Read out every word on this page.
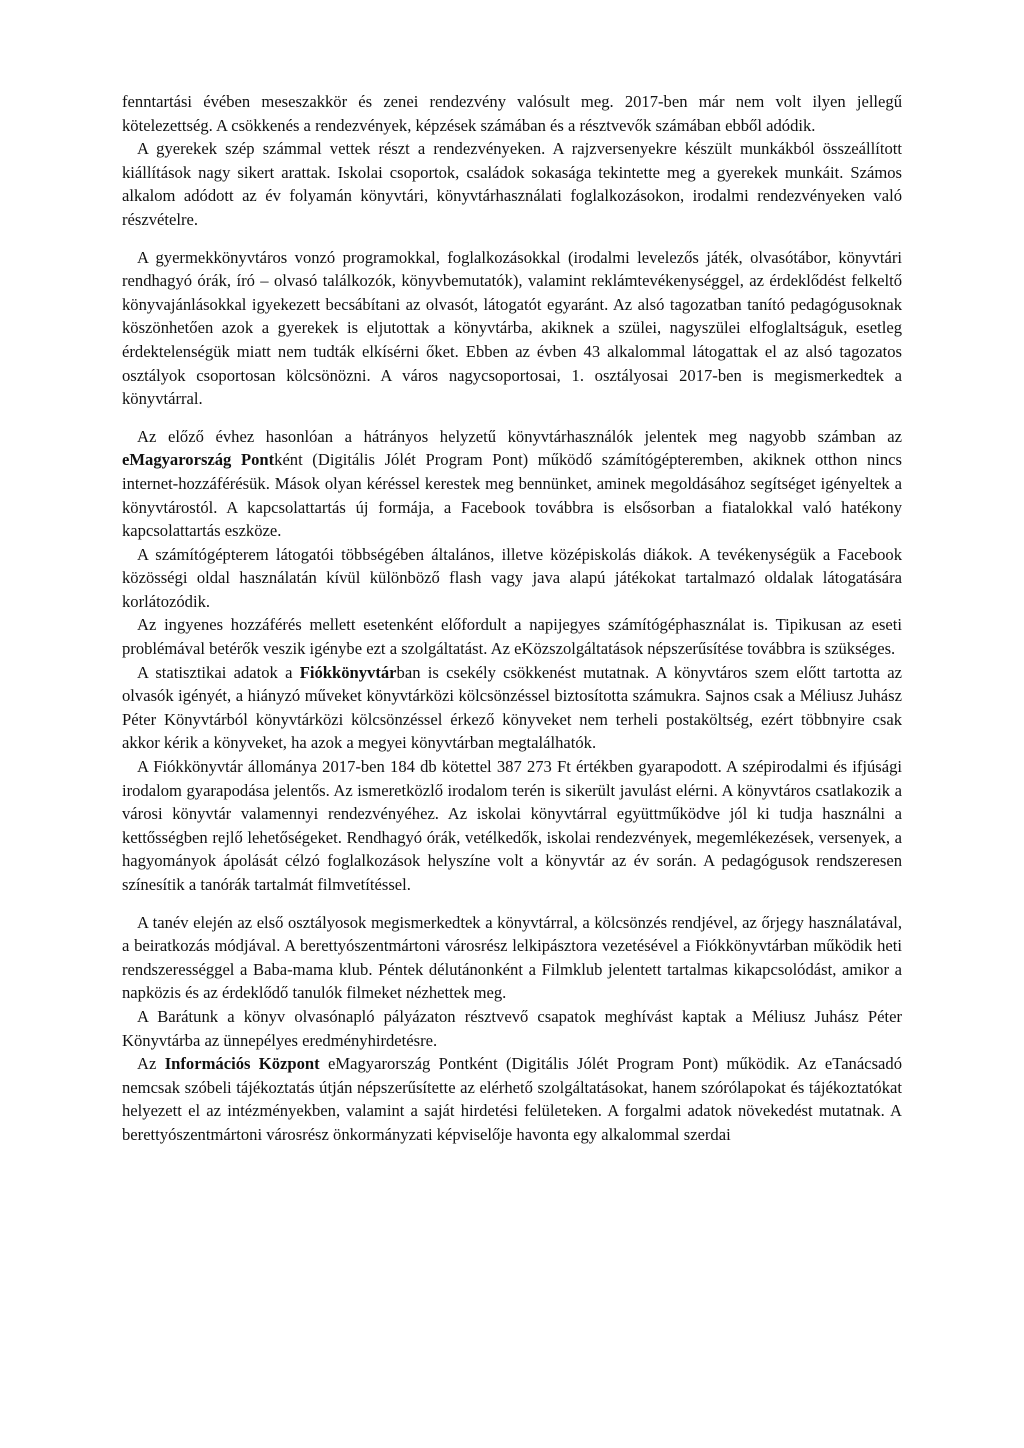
fenntartási évében meseszakkör és zenei rendezvény valósult meg. 2017-ben már nem volt ilyen jellegű kötelezettség. A csökkenés a rendezvények, képzések számában és a résztvevők számában ebből adódik.

A gyerekek szép számmal vettek részt a rendezvényeken. A rajzversenyekre készült munkákból összeállított kiállítások nagy sikert arattak. Iskolai csoportok, családok sokasága tekintette meg a gyerekek munkáit. Számos alkalom adódott az év folyamán könyvtári, könyvtárhasználati foglalkozásokon, irodalmi rendezvényeken való részvételre.

A gyermekkönyvtáros vonzó programokkal, foglalkozásokkal (irodalmi levelezős játék, olvasótábor, könyvtári rendhagyó órák, író – olvasó találkozók, könyvbemutatók), valamint reklámtevékenységgel, az érdeklődést felkeltő könyvajánlásokkal igyekezett becsábítani az olvasót, látogatót egyaránt. Az alsó tagozatban tanító pedagógusoknak köszönhetően azok a gyerekek is eljutottak a könyvtárba, akiknek a szülei, nagyszülei elfoglaltságuk, esetleg érdektelenségük miatt nem tudták elkísérni őket. Ebben az évben 43 alkalommal látogattak el az alsó tagozatos osztályok csoportosan kölcsönözni. A város nagycsoportosai, 1. osztályosai 2017-ben is megismerkedtek a könyvtárral.

Az előző évhez hasonlóan a hátrányos helyzetű könyvtárhasználók jelentek meg nagyobb számban az eMagyarország Pontként (Digitális Jólét Program Pont) működő számítógépteremben, akiknek otthon nincs internet-hozzáférésük. Mások olyan kéréssel kerestek meg bennünket, aminek megoldásához segítséget igényeltek a könyvtárostól. A kapcsolattartás új formája, a Facebook továbbra is elsősorban a fiatalokkal való hatékony kapcsolattartás eszköze.

A számítógépterem látogatói többségében általános, illetve középiskolás diákok. A tevékenységük a Facebook közösségi oldal használatán kívül különböző flash vagy java alapú játékokat tartalmazó oldalak látogatására korlátozódik.

Az ingyenes hozzáférés mellett esetenként előfordult a napijegyes számítógéphasználat is. Tipikusan az eseti problémával betérők veszik igénybe ezt a szolgáltatást. Az eKözszolgáltatások népszerűsítése továbbra is szükséges.

A statisztikai adatok a Fiókkönyvtárban is csekély csökkenést mutatnak. A könyvtáros szem előtt tartotta az olvasók igényét, a hiányzó műveket könyvtárközi kölcsönzéssel biztosította számukra. Sajnos csak a Méliusz Juhász Péter Könyvtárból könyvtárközi kölcsönzéssel érkező könyveket nem terheli postaköltség, ezért többnyire csak akkor kérik a könyveket, ha azok a megyei könyvtárban megtalálhatók.

A Fiókkönyvtár állománya 2017-ben 184 db kötettel 387 273 Ft értékben gyarapodott. A szépirodalmi és ifjúsági irodalom gyarapodása jelentős. Az ismeretközlő irodalom terén is sikerült javulást elérni. A könyvtáros csatlakozik a városi könyvtár valamennyi rendezvényéhez. Az iskolai könyvtárral együttműködve jól ki tudja használni a kettősségben rejlő lehetőségeket. Rendhagyó órák, vetélkedők, iskolai rendezvények, megemlékezések, versenyek, a hagyományok ápolását célzó foglalkozások helyszíne volt a könyvtár az év során. A pedagógusok rendszeresen színesítik a tanórák tartalmát filmvetítéssel.

A tanév elején az első osztályosok megismerkedtek a könyvtárral, a kölcsönzés rendjével, az őrjegy használatával, a beiratkozás módjával. A berettyószentmártoni városrész lelkipásztora vezetésével a Fiókkönyvtárban működik heti rendszerességgel a Baba-mama klub. Péntek délutánonként a Filmklub jelentett tartalmas kikapcsolódást, amikor a napközis és az érdeklődő tanulók filmeket nézhettek meg.

A Barátunk a könyv olvasónapló pályázaton résztvevő csapatok meghívást kaptak a Méliusz Juhász Péter Könyvtárba az ünnepélyes eredményhirdetésre.

Az Információs Központ eMagyarország Pontként (Digitális Jólét Program Pont) működik. Az eTanácsadó nemcsak szóbeli tájékoztatás útján népszerűsítette az elérhető szolgáltatásokat, hanem szórólapokat és tájékoztatókat helyezett el az intézményekben, valamint a saját hirdetési felületeken. A forgalmi adatok növekedést mutatnak. A berettyószentmártoni városrész önkormányzati képviselője havonta egy alkalommal szerdai
